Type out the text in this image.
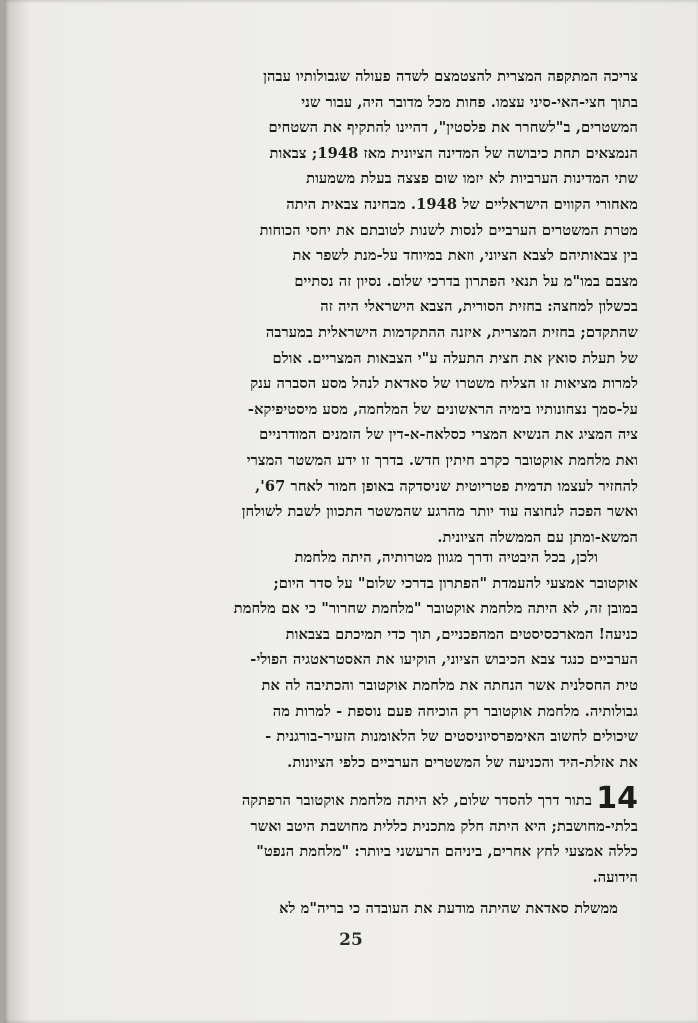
צריכה המתקפה המצרית להצטמצם לשדה פעולה שגבולותיו עבהן
בתוך חצי-האי-סיני עצמו. פחות מכל מדובר היה, עבור שני
המשטרים, ב"לשחרר את פלסטין", דהיינו להתקיף את השטחים
הנמצאים תחת כיבושה של המדינה הציונית מאז 1948; צבאות
שתי המדינות הערביות לא יזמו שום פצצה בעלת משמעות
מאחורי הקווים הישראליים של 1948. מבחינה צבאית היתה
מטרת המשטרים הערביים לנסות לשנות לטובתם את יחסי הכוחות
בין צבאותיהם לצבא הציוני, וזאת במיוחד על-מנת לשפר את
מצבם במו"מ על תנאי הפתרון בדרכי שלום. נסיון זה נסתיים
בכשלון למחצה: בחזית הסורית, הצבא הישראלי היה זה
שהתקדם; בחזית המצרית, איזנה ההתקדמות הישראלית במערבה
של תעלת סואץ את חצית התעלה ע"י הצבאות המצריים. אולם
למרות מציאות זו הצליח משטרו של סאדאת לנהל מסע הסברה ענק
על-סמך נצחונותיו בימיה הראשונים של המלחמה, מסע מיסטיפיקא-
ציה המציג את הנשיא המצרי כסלאח-א-דין של הזמנים המודרניים
ואת מלחמת אוקטובר כקרב חיתין חדש. בדרך זו ידע המשטר המצרי
להחזיר לעצמו תדמית פטריוטית שניסדקה באופן חמור לאחר 67',
ואשר הפכה לנחוצה עוד יותר מהרגע שהמשטר התכוון לשבת לשולחן
המשא-ומתן עם הממשלה הציונית.
ולכן, בכל היבטיה ודרך מגוון מטרותיה, היתה מלחמת
אוקטובר אמצעי להעמדת "הפתרון בדרכי שלום" על סדר היום;
במובן זה, לא היתה מלחמת אוקטובר "מלחמת שחרור" כי אם מלחמת
כניעה! המארכסיסטים המהפכניים, תוך כדי תמיכתם בצבאות
הערביים כנגד צבא הכיבוש הציוני, הוקיעו את האסטראטגיה הפולי-
טית החסלנית אשר הנחתה את מלחמת אוקטובר והכתיבה לה את
גבולותיה. מלחמת אוקטובר רק הוכיחה פעם נוספת - למרות מה
שיכולים לחשוב האימפרסיוניסטים של הלאומנות הזעיר-בורגנית -
את אזלת-היד והכניעה של המשטרים הערביים כלפי הציונות.
14
בתור דרך להסדר שלום, לא היתה מלחמת אוקטובר הרפתקה
בלתי-מחושבת; היא היתה חלק מתכנית כללית מחושבת היטב ואשר
כללה אמצעי לחץ אחרים, ביניהם הרעשני ביותר: "מלחמת הנפט"
הידועה.
ממשלת סאדאת שהיתה מודעת את העובדה כי בריה"מ לא
25
